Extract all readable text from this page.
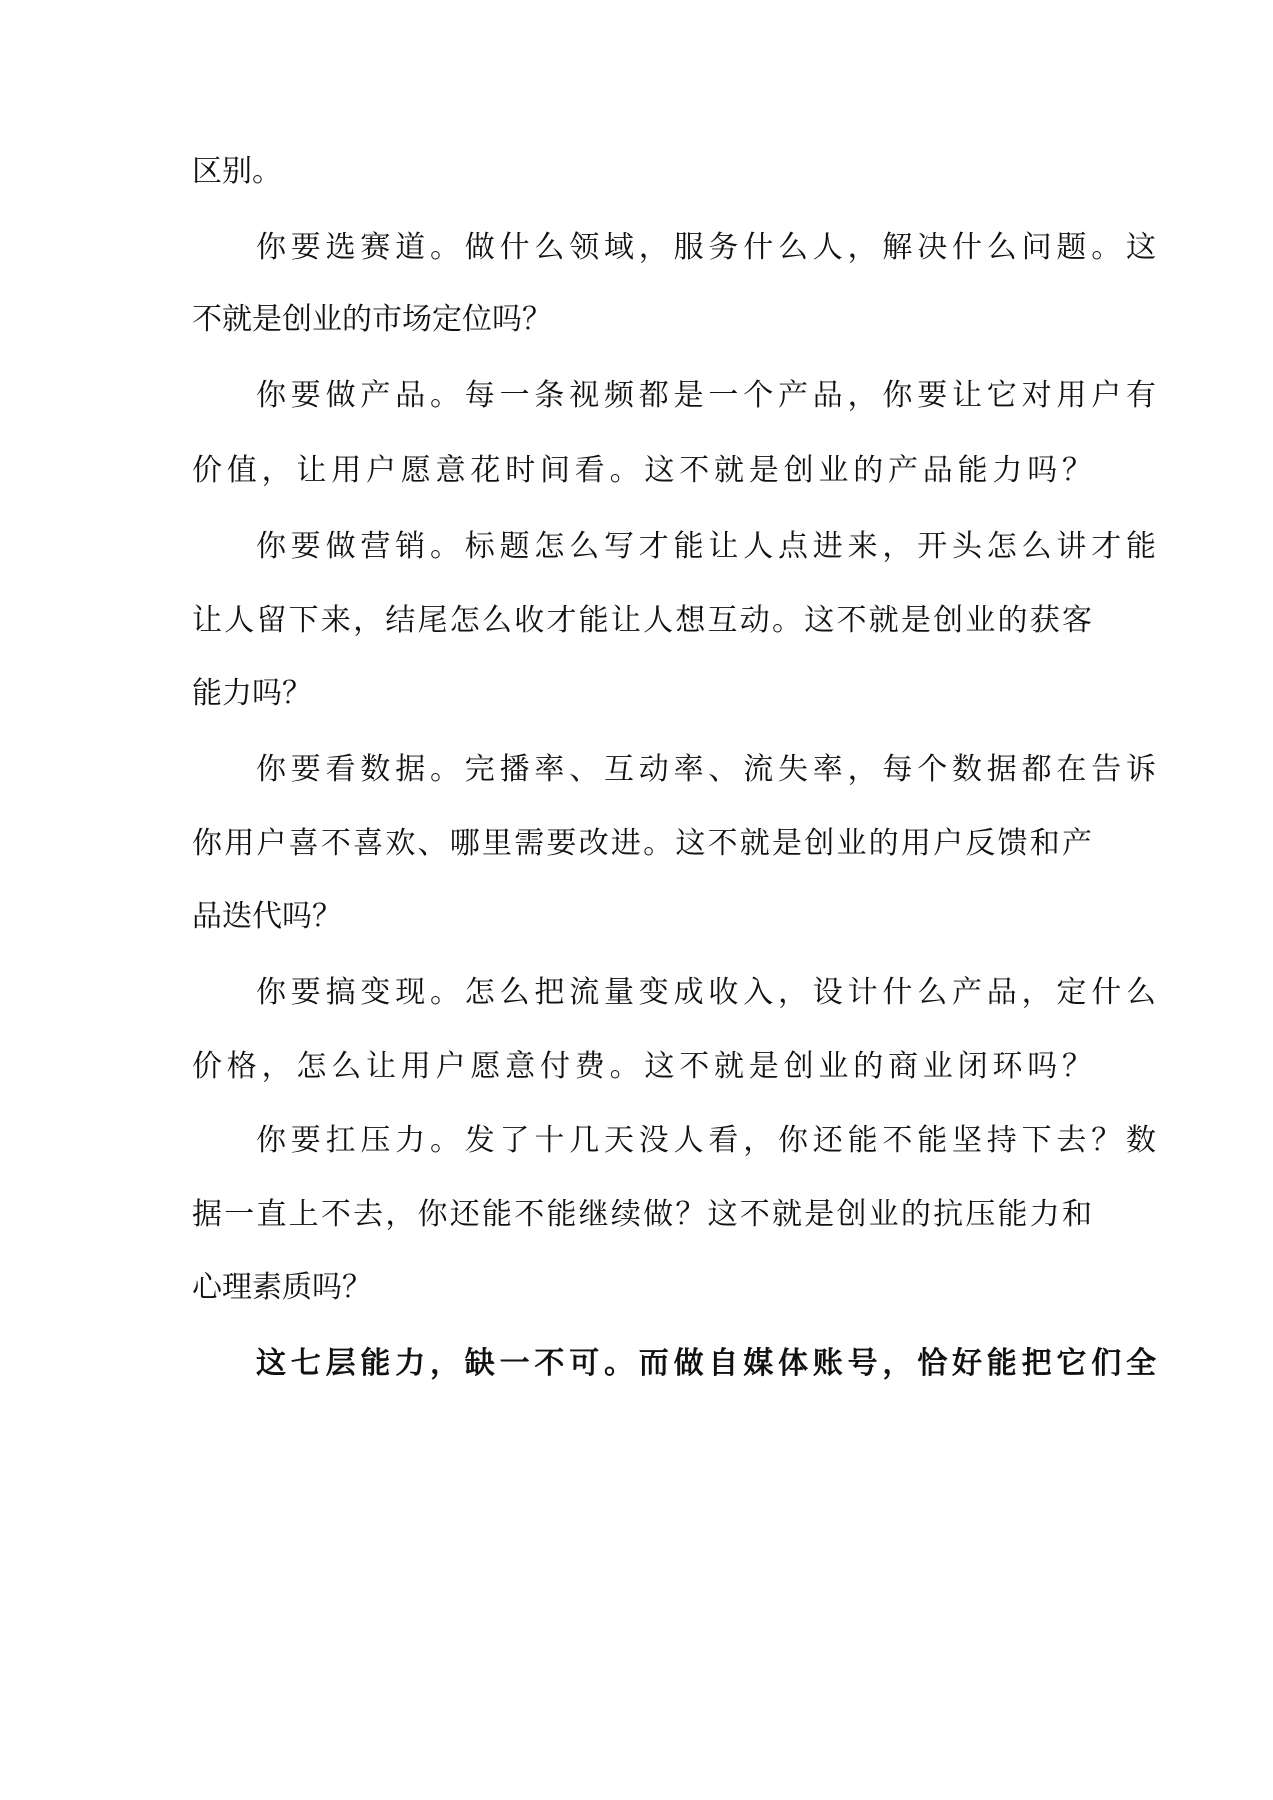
区别。
你要选赛道。做什么领域，服务什么人，解决什么问题。这
不就是创业的市场定位吗？
你要做产品。每一条视频都是一个产品，你要让它对用户有
价值，让用户愿意花时间看。这不就是创业的产品能力吗？
你要做营销。标题怎么写才能让人点进来，开头怎么讲才能
让人留下来，结尾怎么收才能让人想互动。这不就是创业的获客
能力吗？
你要看数据。完播率、互动率、流失率，每个数据都在告诉
你用户喜不喜欢、哪里需要改进。这不就是创业的用户反馈和产
品迭代吗？
你要搞变现。怎么把流量变成收入，设计什么产品，定什么
价格，怎么让用户愿意付费。这不就是创业的商业闭环吗？
你要扛压力。发了十几天没人看，你还能不能坚持下去？数
据一直上不去，你还能不能继续做？这不就是创业的抗压能力和
心理素质吗？
这七层能力，缺一不可。而做自媒体账号，恰好能把它们全
